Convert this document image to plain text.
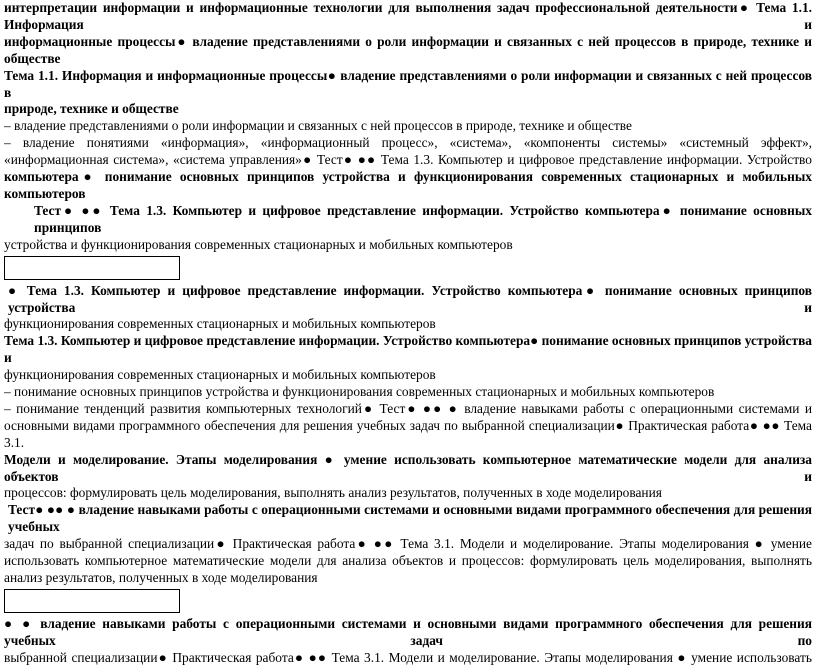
интерпретации информации и информационные технологии для выполнения задач профессиональной деятельности● Тема 1.1. Информация и
информационные процессы● владение представлениями о роли информации и связанных с ней процессов в природе, технике и обществе
Тема 1.1. Информация и информационные процессы● владение представлениями о роли информации и связанных с ней процессов в
природе, технике и обществе
– владение представлениями о роли информации и связанных с ней процессов в природе, технике и обществе
– владение понятиями «информация», «информационный процесс», «система», «компоненты системы» «системный эффект»,
«информационная система», «система управления»● Тест● ●● Тема 1.3. Компьютер и цифровое представление информации. Устройство
компьютера● понимание основных принципов устройства и функционирования современных стационарных и мобильных компьютеров
Тест● ●● Тема 1.3. Компьютер и цифровое представление информации. Устройство компьютера● понимание основных принципов
устройства и функционирования современных стационарных и мобильных компьютеров
● Тема 1.3. Компьютер и цифровое представление информации. Устройство компьютера● понимание основных принципов устройства и
функционирования современных стационарных и мобильных компьютеров
Тема 1.3. Компьютер и цифровое представление информации. Устройство компьютера● понимание основных принципов устройства и
функционирования современных стационарных и мобильных компьютеров
– понимание основных принципов устройства и функционирования современных стационарных и мобильных компьютеров
– понимание тенденций развития компьютерных технологий● Тест● ●● ● владение навыками работы с операционными системами и
основными видами программного обеспечения для решения учебных задач по выбранной специализации● Практическая работа● ●● Тема 3.1.
Модели и моделирование. Этапы моделирования ● умение использовать компьютерное математические модели для анализа объектов и
процессов: формулировать цель моделирования, выполнять анализ результатов, полученных в ходе моделирования
Тест● ●● ● владение навыками работы с операционными системами и основными видами программного обеспечения для решения учебных
задач по выбранной специализации● Практическая работа● ●● Тема 3.1. Модели и моделирование. Этапы моделирования ● умение
использовать компьютерное математические модели для анализа объектов и процессов: формулировать цель моделирования, выполнять
анализ результатов, полученных в ходе моделирования
● ● владение навыками работы с операционными системами и основными видами программного обеспечения для решения учебных задач по
выбранной специализации● Практическая работа● ●● Тема 3.1. Модели и моделирование. Этапы моделирования ● умение использовать
